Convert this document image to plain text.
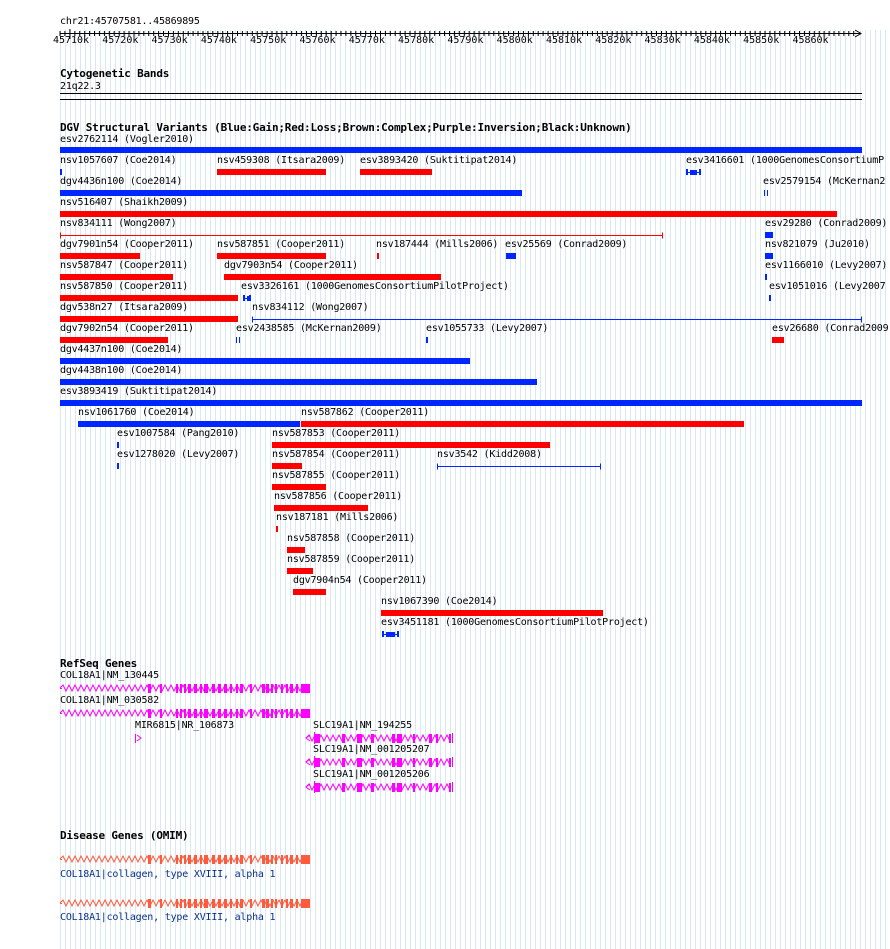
chr21:45707581..45869895
45710k 45720k 45730k 45740k 45750k 45760k 45770k 45780k 45790k 45800k 45810k 45820k 45830k 45840k 45850k 45860k
Cytogenetic Bands
21q22.3
DGV Structural Variants (Blue:Gain;Red:Loss;Brown:Complex;Purple:Inversion;Black:Unknown)
esv2762114 (Vogler2010)
nsv1057607 (Coe2014)	nsv459308 (Itsara2009) esv3893420 (Suktitipat2014)	esv3416601 (1000GenomesConsortiumP
dgv4436n100 (Coe2014)	esv2579154 (McKernan2
nsv516407 (Shaikh2009)
nsv834111 (Wong2007)	esv29280 (Conrad2009)
dgv7901n54 (Cooper2011) nsv587851 (Cooper2011)	nsv187444 (Mills2006) esv25569 (Conrad2009)	nsv821079 (Ju2010)
nsv587847 (Cooper2011)	dgv7903n54 (Cooper2011)	esv1166010 (Levy2007)
nsv587850 (Cooper2011)	esv3326161 (1000GenomesConsortiumPilotProject)	esv1051016 (Levy2007
dgv538n27 (Itsara2009)	nsv834112 (Wong2007)
dgv7902n54 (Cooper2011)	esv2438585 (McKernan2009)	esv1055733 (Levy2007)	esv26680 (Conrad2009
dgv4437n100 (Coe2014)
dgv4438n100 (Coe2014)
esv3893419 (Suktitipat2014)
nsv1061760 (Coe2014)	nsv587862 (Cooper2011)
esv1007584 (Pang2010)	nsv587853 (Cooper2011)
esv1278020 (Levy2007)	nsv587854 (Cooper2011)	nsv3542 (Kidd2008)
nsv587855 (Cooper2011)
nsv587856 (Cooper2011)
nsv187181 (Mills2006)
nsv587858 (Cooper2011)
nsv587859 (Cooper2011)
dgv7904n54 (Cooper2011)
nsv1067390 (Coe2014)
esv3451181 (1000GenomesConsortiumPilotProject)
RefSeq Genes
COL18A1|NM_130445
COL18A1|NM_030582
MIR6815|NR_106873	SLC19A1|NM_194255
SLC19A1|NM_001205207
SLC19A1|NM_001205206
Disease Genes (OMIM)
COL18A1|collagen, type XVIII, alpha 1
COL18A1|collagen, type XVIII, alpha 1
